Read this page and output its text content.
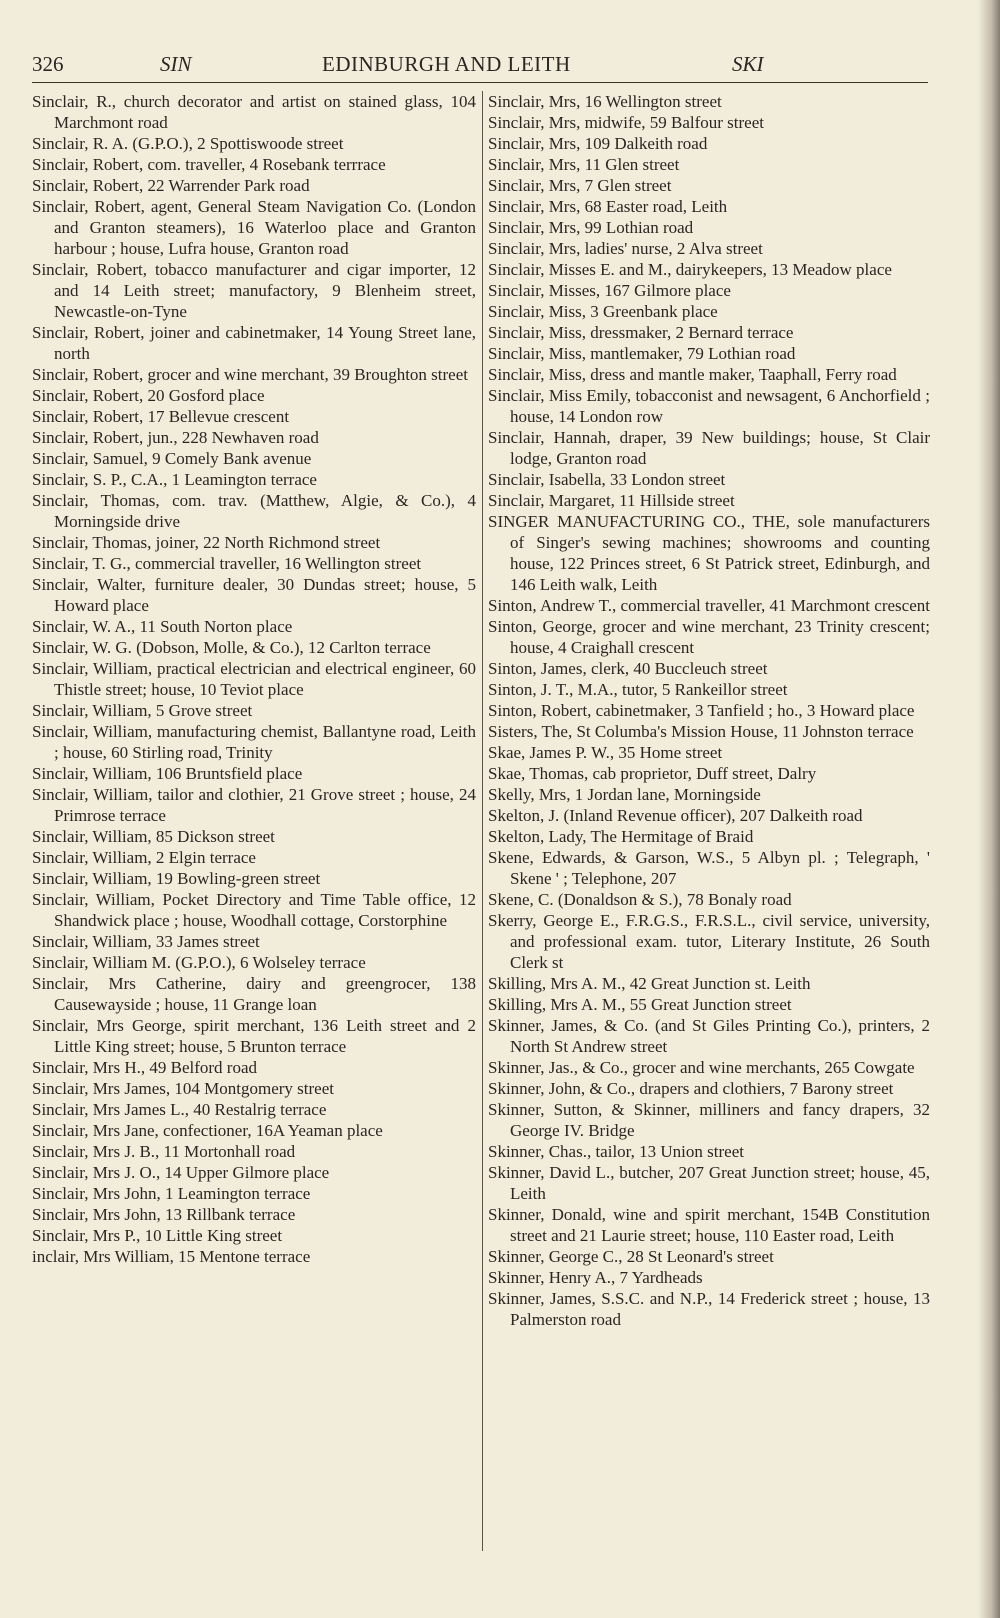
326	SIN	EDINBURGH AND LEITH	SKI

Sinclair, R., church decorator and artist on stained glass, 104 Marchmont road

Sinclair, R. A. (G.P.O.), 2 Spottiswoode street

Sinclair, Robert, com. traveller, 4 Rosebank terrrace

Sinclair, Robert, 22 Warrender Park road

Sinclair, Robert, agent, General Steam Navigation Co. (London and Granton steamers), 16 Waterloo place and Granton harbour ; house, Lufra house, Granton road

Sinclair, Robert, tobacco manufacturer and cigar importer, 12 and 14 Leith street; manufactory, 9 Blenheim street, Newcastle-on-Tyne

Sinclair, Robert, joiner and cabinetmaker, 14 Young Street lane, north

Sinclair, Robert, grocer and wine merchant, 39 Broughton street

Sinclair, Robert, 20 Gosford place

Sinclair, Robert, 17 Bellevue crescent

Sinclair, Robert, jun., 228 Newhaven road

Sinclair, Samuel, 9 Comely Bank avenue

Sinclair, S. P., C.A., 1 Leamington terrace

Sinclair, Thomas, com. trav. (Matthew, Algie, & Co.), 4 Morningside drive

Sinclair, Thomas, joiner, 22 North Richmond street

Sinclair, T. G., commercial traveller, 16 Wellington street

Sinclair, Walter, furniture dealer, 30 Dundas street; house, 5 Howard place

Sinclair, W. A., 11 South Norton place

Sinclair, W. G. (Dobson, Molle, & Co.), 12 Carlton terrace

Sinclair, William, practical electrician and electrical engineer, 60 Thistle street; house, 10 Teviot place

Sinclair, William, 5 Grove street

Sinclair, William, manufacturing chemist, Ballantyne road, Leith ; house, 60 Stirling road, Trinity

Sinclair, William, 106 Bruntsfield place

Sinclair, William, tailor and clothier, 21 Grove street ; house, 24 Primrose terrace

Sinclair, William, 85 Dickson street

Sinclair, William, 2 Elgin terrace

Sinclair, William, 19 Bowling-green street

Sinclair, William, Pocket Directory and Time Table office, 12 Shandwick place ; house, Woodhall cottage, Corstorphine

Sinclair, William, 33 James street

Sinclair, William M. (G.P.O.), 6 Wolseley terrace

Sinclair, Mrs Catherine, dairy and greengrocer, 138 Causewayside ; house, 11 Grange loan

Sinclair, Mrs George, spirit merchant, 136 Leith street and 2 Little King street; house, 5 Brunton terrace

Sinclair, Mrs H., 49 Belford road

Sinclair, Mrs James, 104 Montgomery street

Sinclair, Mrs James L., 40 Restalrig terrace

Sinclair, Mrs Jane, confectioner, 16A Yeaman place

Sinclair, Mrs J. B., 11 Mortonhall road

Sinclair, Mrs J. O., 14 Upper Gilmore place

Sinclair, Mrs John, 1 Leamington terrace

Sinclair, Mrs John, 13 Rillbank terrace

Sinclair, Mrs P., 10 Little King street

inclair, Mrs William, 15 Mentone terrace

Sinclair, Mrs, 16 Wellington street

Sinclair, Mrs, midwife, 59 Balfour street

Sinclair, Mrs, 109 Dalkeith road

Sinclair, Mrs, 11 Glen street

Sinclair, Mrs, 7 Glen street

Sinclair, Mrs, 68 Easter road, Leith

Sinclair, Mrs, 99 Lothian road

Sinclair, Mrs, ladies' nurse, 2 Alva street

Sinclair, Misses E. and M., dairykeepers, 13 Meadow place

Sinclair, Misses, 167 Gilmore place

Sinclair, Miss, 3 Greenbank place

Sinclair, Miss, dressmaker, 2 Bernard terrace

Sinclair, Miss, mantlemaker, 79 Lothian road

Sinclair, Miss, dress and mantle maker, Taaphall, Ferry road

Sinclair, Miss Emily, tobacconist and newsagent, 6 Anchorfield ; house, 14 London row

Sinclair, Hannah, draper, 39 New buildings; house, St Clair lodge, Granton road

Sinclair, Isabella, 33 London street

Sinclair, Margaret, 11 Hillside street

SINGER MANUFACTURING CO., THE, sole manufacturers of Singer's sewing machines; showrooms and counting house, 122 Princes street, 6 St Patrick street, Edinburgh, and 146 Leith walk, Leith

Sinton, Andrew T., commercial traveller, 41 Marchmont crescent

Sinton, George, grocer and wine merchant, 23 Trinity crescent; house, 4 Craighall crescent

Sinton, James, clerk, 40 Buccleuch street

Sinton, J. T., M.A., tutor, 5 Rankeillor street

Sinton, Robert, cabinetmaker, 3 Tanfield ; ho., 3 Howard place

Sisters, The, St Columba's Mission House, 11 Johnston terrace

Skae, James P. W., 35 Home street

Skae, Thomas, cab proprietor, Duff street, Dalry

Skelly, Mrs, 1 Jordan lane, Morningside

Skelton, J. (Inland Revenue officer), 207 Dalkeith road

Skelton, Lady, The Hermitage of Braid

Skene, Edwards, & Garson, W.S., 5 Albyn pl. ; Telegraph, ' Skene ' ; Telephone, 207

Skene, C. (Donaldson & S.), 78 Bonaly road

Skerry, George E., F.R.G.S., F.R.S.L., civil service, university, and professional exam. tutor, Literary Institute, 26 South Clerk st

Skilling, Mrs A. M., 42 Great Junction st. Leith

Skilling, Mrs A. M., 55 Great Junction street

Skinner, James, & Co. (and St Giles Printing Co.), printers, 2 North St Andrew street

Skinner, Jas., & Co., grocer and wine merchants, 265 Cowgate

Skinner, John, & Co., drapers and clothiers, 7 Barony street

Skinner, Sutton, & Skinner, milliners and fancy drapers, 32 George IV. Bridge

Skinner, Chas., tailor, 13 Union street

Skinner, David L., butcher, 207 Great Junction street; house, 45, Leith

Skinner, Donald, wine and spirit merchant, 154B Constitution street and 21 Laurie street; house, 110 Easter road, Leith

Skinner, George C., 28 St Leonard's street

Skinner, Henry A., 7 Yardheads

Skinner, James, S.S.C. and N.P., 14 Frederick street ; house, 13 Palmerston road
